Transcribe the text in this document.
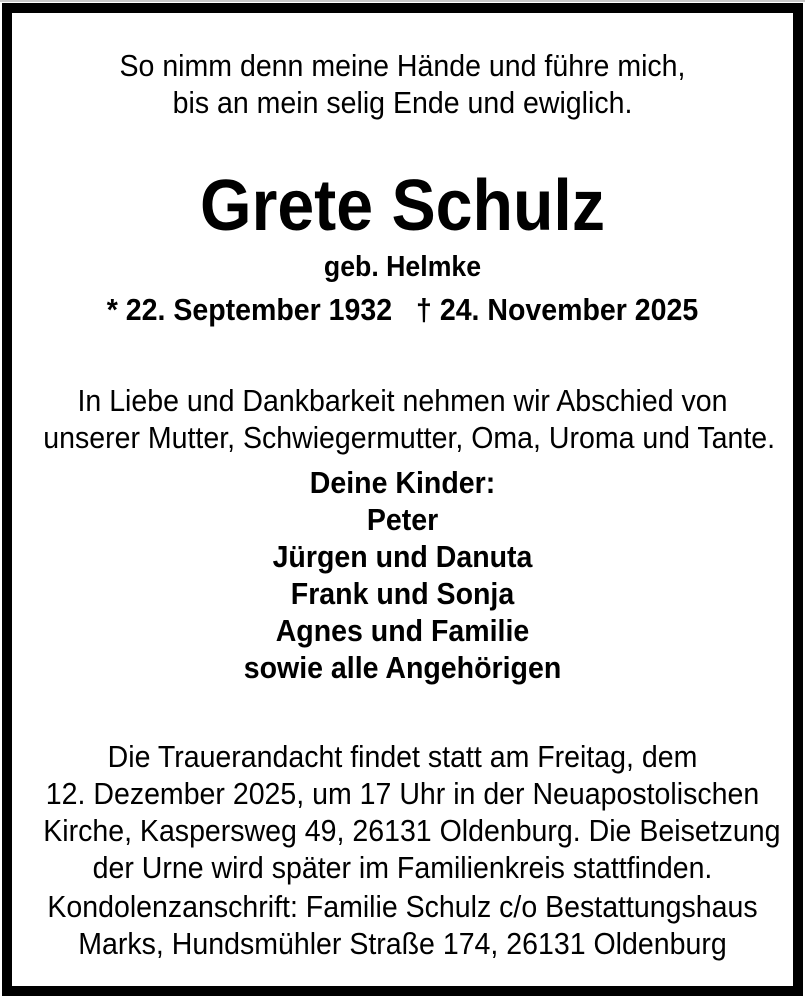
So nimm denn meine Hände und führe mich,
bis an mein selig Ende und ewiglich.
Grete Schulz
geb. Helmke
* 22. September 1932 † 24. November 2025
In Liebe und Dankbarkeit nehmen wir Abschied von
unserer Mutter, Schwiegermutter, Oma, Uroma und Tante.
Deine Kinder:
Peter
Jürgen und Danuta
Frank und Sonja
Agnes und Familie
sowie alle Angehörigen
Die Trauerandacht findet statt am Freitag, dem
12. Dezember 2025, um 17 Uhr in der Neuapostolischen
Kirche, Kaspersweg 49, 26131 Oldenburg. Die Beisetzung
der Urne wird später im Familienkreis stattfinden.
Kondolenzanschrift: Familie Schulz c/o Bestattungshaus
Marks, Hundsmühler Straße 174, 26131 Oldenburg
